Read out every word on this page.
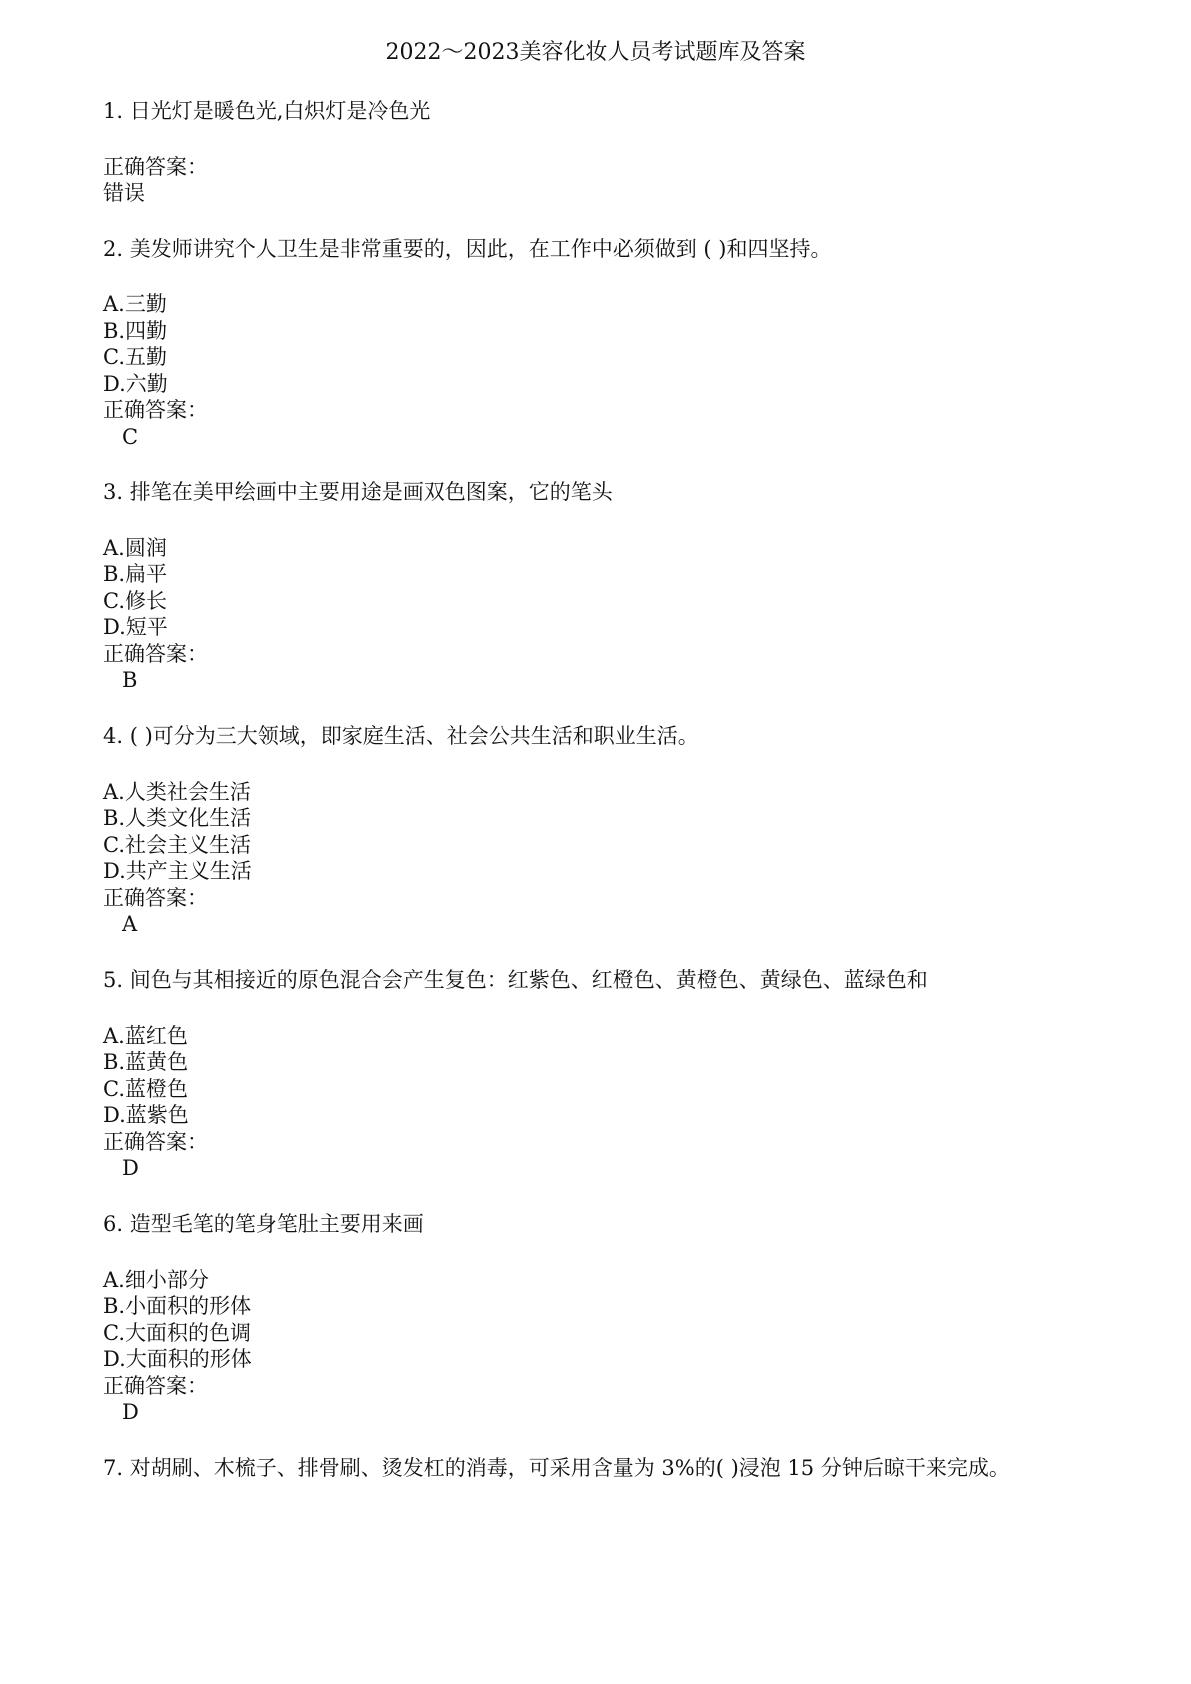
2022～2023美容化妆人员考试题库及答案
1. 日光灯是暖色光,白炽灯是冷色光
正确答案：
错误
2. 美发师讲究个人卫生是非常重要的，因此，在工作中必须做到 ( )和四坚持。
A.三勤
B.四勤
C.五勤
D.六勤
正确答案：
C
3. 排笔在美甲绘画中主要用途是画双色图案，它的笔头
A.圆润
B.扁平
C.修长
D.短平
正确答案：
B
4. ( )可分为三大领域，即家庭生活、社会公共生活和职业生活。
A.人类社会生活
B.人类文化生活
C.社会主义生活
D.共产主义生活
正确答案：
A
5. 间色与其相接近的原色混合会产生复色：红紫色、红橙色、黄橙色、黄绿色、蓝绿色和
A.蓝红色
B.蓝黄色
C.蓝橙色
D.蓝紫色
正确答案：
D
6. 造型毛笔的笔身笔肚主要用来画
A.细小部分
B.小面积的形体
C.大面积的色调
D.大面积的形体
正确答案：
D
7. 对胡刷、木梳子、排骨刷、烫发杠的消毒，可采用含量为 3%的( )浸泡 15 分钟后晾干来完成。
